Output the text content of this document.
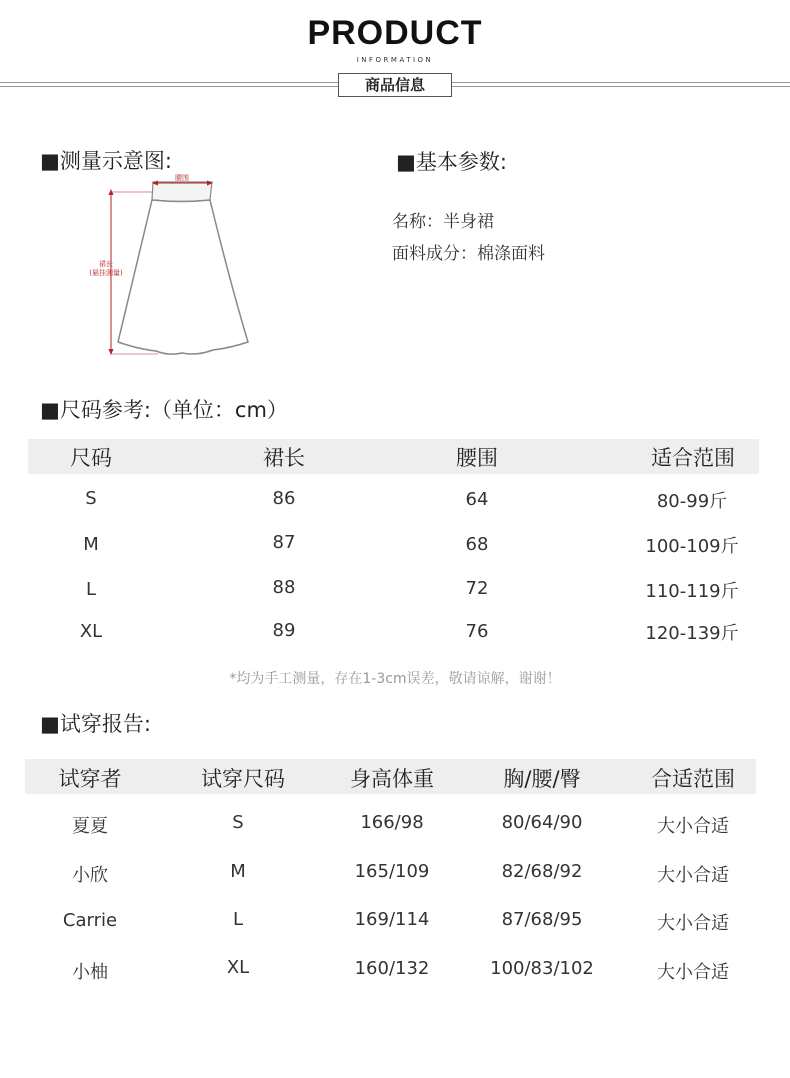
PRODUCT
INFORMATION
商品信息
■测量示意图:
腰围
裙长
(悬挂测量)
■基本参数:
名称：半身裙
面料成分：棉涤面料
■尺码参考:（单位：cm）
尺码	裙长	腰围	适合范围
S	86	64	80-99斤
M	87	68	100-109斤
L	88	72	110-119斤
XL	89	76	120-139斤
*均为手工测量，存在1-3cm误差，敬请谅解，谢谢！
■试穿报告:
试穿者	试穿尺码	身高体重	胸/腰/臀	合适范围
夏夏	S	166/98	80/64/90	大小合适
小欣	M	165/109	82/68/92	大小合适
Carrie	L	169/114	87/68/95	大小合适
小柚	XL	160/132	100/83/102	大小合适
